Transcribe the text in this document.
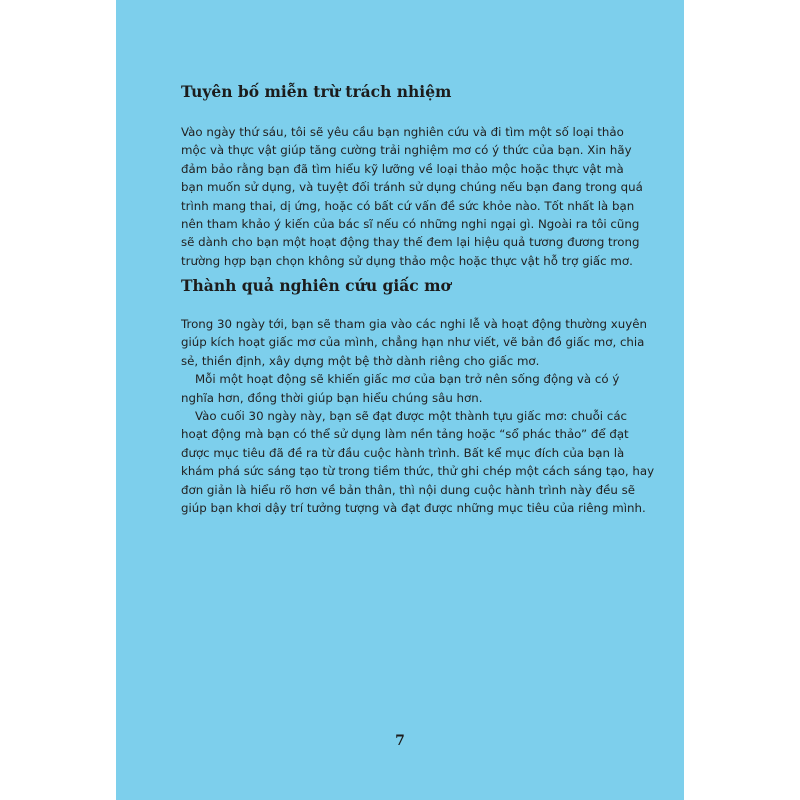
Tuyên bố miễn trừ trách nhiệm

Vào ngày thứ sáu, tôi sẽ yêu cầu bạn nghiên cứu và đi tìm một số loại thảo
mộc và thực vật giúp tăng cường trải nghiệm mơ có ý thức của bạn. Xin hãy
đảm bảo rằng bạn đã tìm hiểu kỹ lưỡng về loại thảo mộc hoặc thực vật mà
bạn muốn sử dụng, và tuyệt đối tránh sử dụng chúng nếu bạn đang trong quá
trình mang thai, dị ứng, hoặc có bất cứ vấn đề sức khỏe nào. Tốt nhất là bạn
nên tham khảo ý kiến của bác sĩ nếu có những nghi ngại gì. Ngoài ra tôi cũng
sẽ dành cho bạn một hoạt động thay thế đem lại hiệu quả tương đương trong
trường hợp bạn chọn không sử dụng thảo mộc hoặc thực vật hỗ trợ giấc mơ.

Thành quả nghiên cứu giấc mơ

Trong 30 ngày tới, bạn sẽ tham gia vào các nghi lễ và hoạt động thường xuyên
giúp kích hoạt giấc mơ của mình, chẳng hạn như viết, vẽ bản đồ giấc mơ, chia
sẻ, thiền định, xây dựng một bệ thờ dành riêng cho giấc mơ.

Mỗi một hoạt động sẽ khiến giấc mơ của bạn trở nên sống động và có ý
nghĩa hơn, đồng thời giúp bạn hiểu chúng sâu hơn.

Vào cuối 30 ngày này, bạn sẽ đạt được một thành tựu giấc mơ: chuỗi các
hoạt động mà bạn có thể sử dụng làm nền tảng hoặc “sổ phác thảo” để đạt
được mục tiêu đã đề ra từ đầu cuộc hành trình. Bất kể mục đích của bạn là
khám phá sức sáng tạo từ trong tiềm thức, thử ghi chép một cách sáng tạo, hay
đơn giản là hiểu rõ hơn về bản thân, thì nội dung cuộc hành trình này đều sẽ
giúp bạn khơi dậy trí tưởng tượng và đạt được những mục tiêu của riêng mình.

7
